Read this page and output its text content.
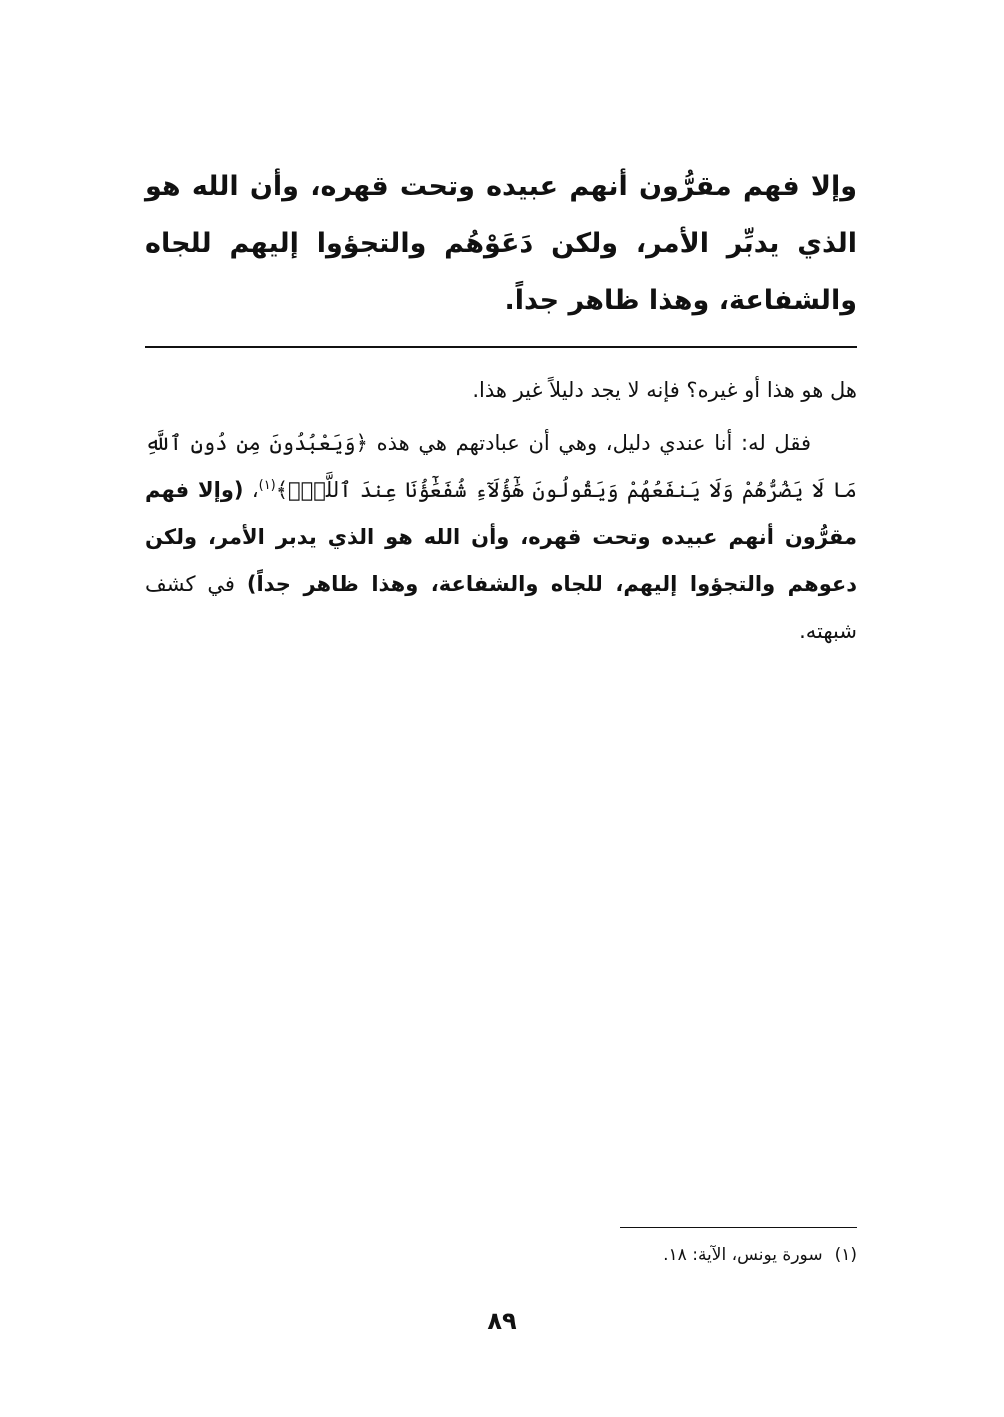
وإلا فهم مقرُّون أنهم عبيده وتحت قهره، وأن الله هو الذي يدبِّر الأمر، ولكن دَعَوْهُم والتجؤوا إليهم للجاه والشفاعة، وهذا ظاهر جداً.

هل هو هذا أو غيره؟ فإنه لا يجد دليلاً غير هذا.

فقل له: أنا عندي دليل، وهي أن عبادتهم هي هذه ﴿وَيَعْبُدُونَ مِن دُونِ ٱللَّهِ مَا لَا يَضُرُّهُمْ وَلَا يَنفَعُهُمْ وَيَقُولُونَ هَٰٓؤُلَآءِ شُفَعَٰٓؤُنَا عِندَ ٱللَّهِۚ﴾$^{(١)}$، (وإلا فهم مقرُّون أنهم عبيده وتحت قهره، وأن الله هو الذي يدبر الأمر، ولكن دعوهم والتجؤوا إليهم، للجاه والشفاعة، وهذا ظاهر جداً) في كشف شبهته.

(١)سورة يونس، الآية: ١٨.
٨٩
